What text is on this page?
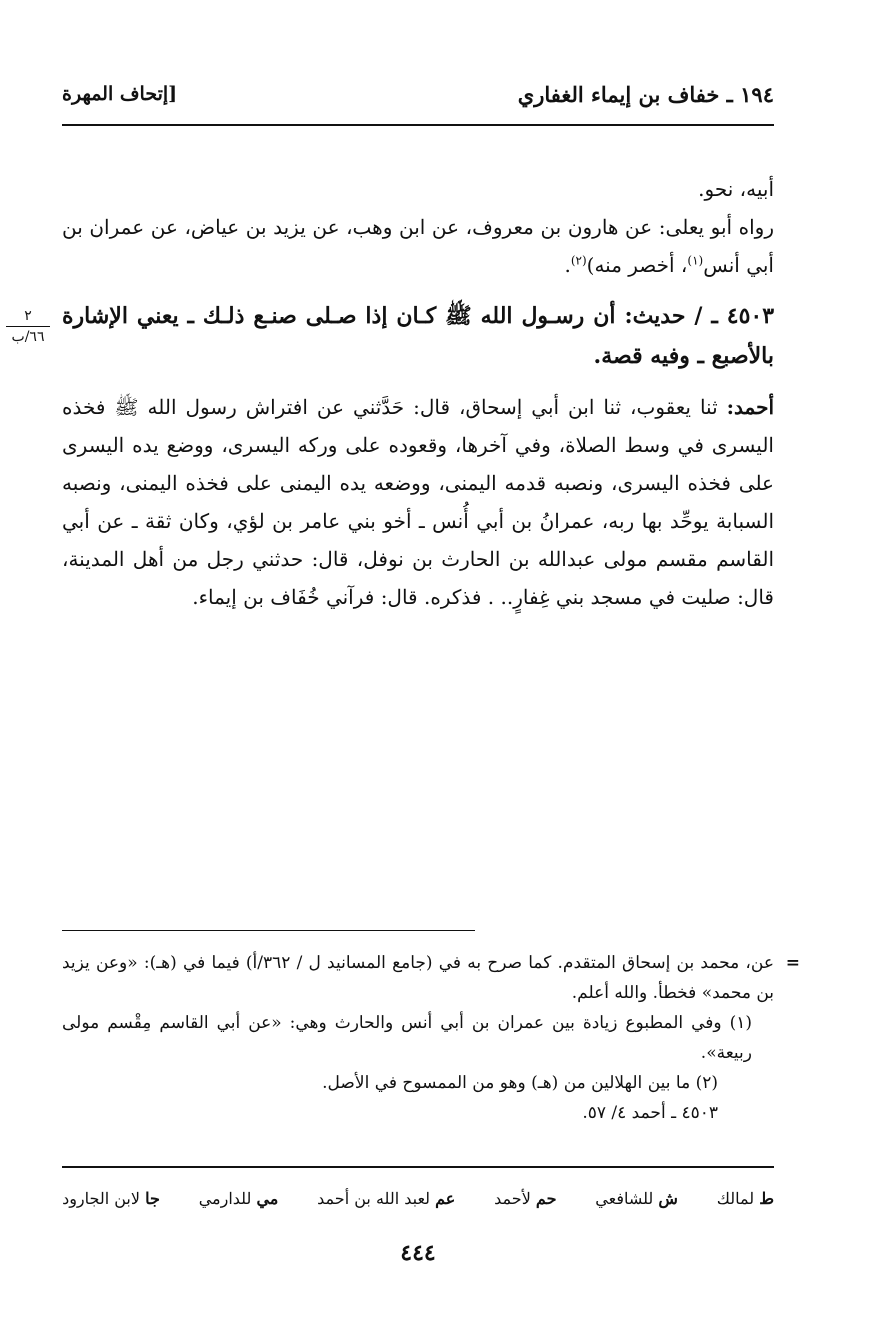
١٩٤ ـ خفاف بن إيماء الغفاري
[إتحاف المهرة
٢
٦٦/ب

أبيه، نحو.

رواه أبو يعلى: عن هارون بن معروف، عن ابن وهب، عن يزيد بن عياض، عن عمران بن أبي أنس$^{(١)}$، أخصر منه)$^{(٢)}$.

٤٥٠٣ ـ / حديث: أن رسـول الله ﷺ كـان إذا صـلى صنـع ذلـك ـ يعني الإشارة بالأصبع ـ وفيه قصة.

أحمد: ثنا يعقوب، ثنا ابن أبي إسحاق، قال: حَدَّثني عن افتراش رسول الله ﷺ فخذه اليسرى في وسط الصلاة، وفي آخرها، وقعوده على وركه اليسرى، ووضع يده اليسرى على فخذه اليسرى، ونصبه قدمه اليمنى، ووضعه يده اليمنى على فخذه اليمنى، ونصبه السبابة يوحِّد بها ربه، عمرانُ بن أبي أُنس ـ أخو بني عامر بن لؤي، وكان ثقة ـ عن أبي القاسم مقسم مولى عبدالله بن الحارث بن نوفل، قال: حدثني رجل من أهل المدينة، قال: صليت في مسجد بني غِفارٍ.. . فذكره. قال: فرآني خُفَاف بن إيماء.

=
عن، محمد بن إسحاق المتقدم. كما صرح به في (جامع المسانيد ل / ٣٦٢/أ) فيما في (هـ): «وعن يزيد بن محمد» فخطأ. والله أعلم.

(١) وفي المطبوع زيادة بين عمران بن أبي أنس والحارث وهي: «عن أبي القاسم مِقْسم مولى ربيعة».

(٢) ما بين الهلالين من (هـ) وهو من الممسوح في الأصل.

٤٥٠٣ ـ أحمد ٤/ ٥٧.

ط لمالك
ش للشافعي
حم لأحمد
عم لعبد الله بن أحمد
مي للدارمي
جا لابن الجارود
٤٤٤
